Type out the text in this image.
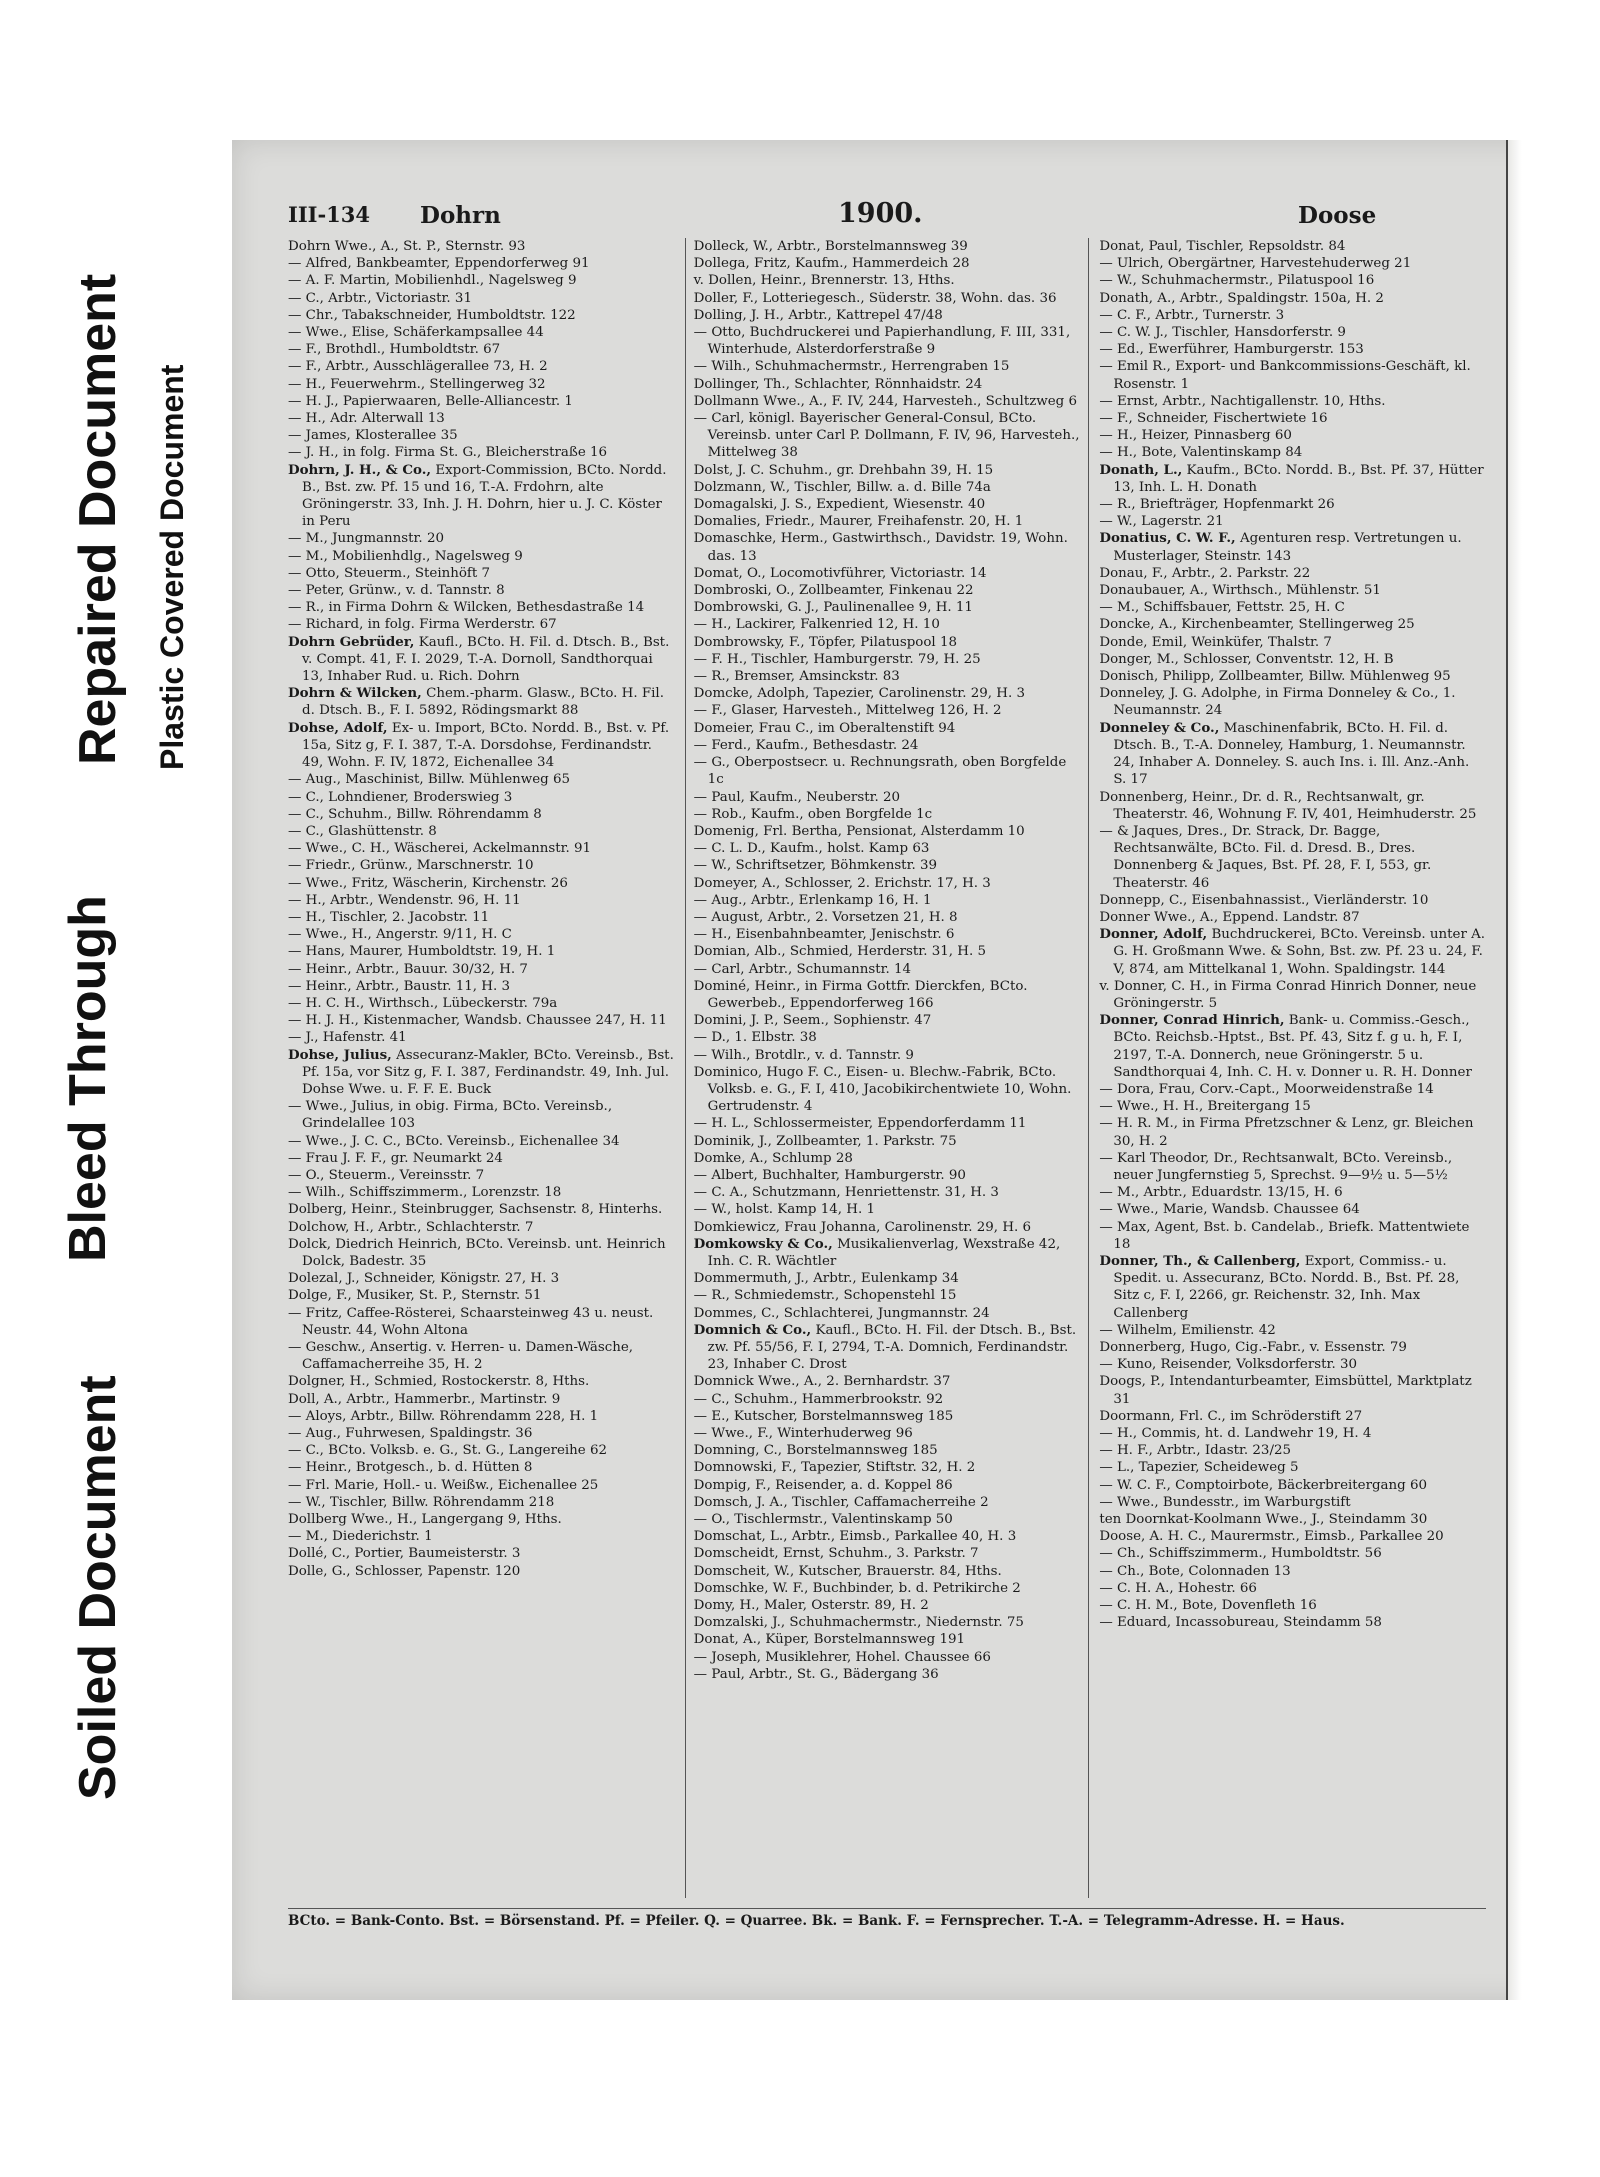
Soiled Document
Bleed Through
Repaired Document Plastic Covered Document
III-134 Dohrn	1900.	Doose

Dohrn Wwe., A., St. P., Sternstr. 93

— Alfred, Bankbeamter, Eppendorferweg 91

— A. F. Martin, Mobilienhdl., Nagelsweg 9

— C., Arbtr., Victoriastr. 31

— Chr., Tabakschneider, Humboldtstr. 122

— Wwe., Elise, Schäferkampsallee 44

— F., Brothdl., Humboldtstr. 67

— F., Arbtr., Ausschlägerallee 73, H. 2

— H., Feuerwehrm., Stellingerweg 32

— H. J., Papierwaaren, Belle-Alliancestr. 1

— H., Adr. Alterwall 13

— James, Klosterallee 35

— J. H., in folg. Firma St. G., Bleicherstraße 16

Dohrn, J. H., & Co., Export-Commission, BCto. Nordd. B., Bst. zw. Pf. 15 und 16, T.-A. Frdohrn, alte Gröningerstr. 33, Inh. J. H. Dohrn, hier u. J. C. Köster in Peru

— M., Jungmannstr. 20

— M., Mobilienhdlg., Nagelsweg 9

— Otto, Steuerm., Steinhöft 7

— Peter, Grünw., v. d. Tannstr. 8

— R., in Firma Dohrn & Wilcken, Bethesdastraße 14

— Richard, in folg. Firma Werderstr. 67

Dohrn Gebrüder, Kaufl., BCto. H. Fil. d. Dtsch. B., Bst. v. Compt. 41, F. I. 2029, T.-A. Dornoll, Sandthorquai 13, Inhaber Rud. u. Rich. Dohrn

Dohrn & Wilcken, Chem.-pharm. Glasw., BCto. H. Fil. d. Dtsch. B., F. I. 5892, Rödingsmarkt 88

Dohse, Adolf, Ex- u. Import, BCto. Nordd. B., Bst. v. Pf. 15a, Sitz g, F. I. 387, T.-A. Dorsdohse, Ferdinandstr. 49, Wohn. F. IV, 1872, Eichenallee 34

— Aug., Maschinist, Billw. Mühlenweg 65

— C., Lohndiener, Broderswieg 3

— C., Schuhm., Billw. Röhrendamm 8

— C., Glashüttenstr. 8

— Wwe., C. H., Wäscherei, Ackelmannstr. 91

— Friedr., Grünw., Marschnerstr. 10

— Wwe., Fritz, Wäscherin, Kirchenstr. 26

— H., Arbtr., Wendenstr. 96, H. 11

— H., Tischler, 2. Jacobstr. 11

— Wwe., H., Angerstr. 9/11, H. C

— Hans, Maurer, Humboldtstr. 19, H. 1

— Heinr., Arbtr., Bauur. 30/32, H. 7

— Heinr., Arbtr., Baustr. 11, H. 3

— H. C. H., Wirthsch., Lübeckerstr. 79a

— H. J. H., Kistenmacher, Wandsb. Chaussee 247, H. 11

— J., Hafenstr. 41

Dohse, Julius, Assecuranz-Makler, BCto. Vereinsb., Bst. Pf. 15a, vor Sitz g, F. I. 387, Ferdinandstr. 49, Inh. Jul. Dohse Wwe. u. F. F. E. Buck

— Wwe., Julius, in obig. Firma, BCto. Vereinsb., Grindelallee 103

— Wwe., J. C. C., BCto. Vereinsb., Eichenallee 34

— Frau J. F. F., gr. Neumarkt 24

— O., Steuerm., Vereinsstr. 7

— Wilh., Schiffszimmerm., Lorenzstr. 18

Dolberg, Heinr., Steinbrugger, Sachsenstr. 8, Hinterhs.

Dolchow, H., Arbtr., Schlachterstr. 7

Dolck, Diedrich Heinrich, BCto. Vereinsb. unt. Heinrich Dolck, Badestr. 35

Dolezal, J., Schneider, Königstr. 27, H. 3

Dolge, F., Musiker, St. P., Sternstr. 51

— Fritz, Caffee-Rösterei, Schaarsteinweg 43 u. neust. Neustr. 44, Wohn Altona

— Geschw., Ansertig. v. Herren- u. Damen-Wäsche, Caffamacherreihe 35, H. 2

Dolgner, H., Schmied, Rostockerstr. 8, Hths.

Doll, A., Arbtr., Hammerbr., Martinstr. 9

— Aloys, Arbtr., Billw. Röhrendamm 228, H. 1

— Aug., Fuhrwesen, Spaldingstr. 36

— C., BCto. Volksb. e. G., St. G., Langereihe 62

— Heinr., Brotgesch., b. d. Hütten 8

— Frl. Marie, Holl.- u. Weißw., Eichenallee 25

— W., Tischler, Billw. Röhrendamm 218

Dollberg Wwe., H., Langergang 9, Hths.

— M., Diederichstr. 1

Dollé, C., Portier, Baumeisterstr. 3

Dolle, G., Schlosser, Papenstr. 120

Dolleck, W., Arbtr., Borstelmannsweg 39

Dollega, Fritz, Kaufm., Hammerdeich 28

v. Dollen, Heinr., Brennerstr. 13, Hths.

Doller, F., Lotteriegesch., Süderstr. 38, Wohn. das. 36

Dolling, J. H., Arbtr., Kattrepel 47/48

— Otto, Buchdruckerei und Papierhandlung, F. III, 331, Winterhude, Alsterdorferstraße 9

— Wilh., Schuhmachermstr., Herrengraben 15

Dollinger, Th., Schlachter, Rönnhaidstr. 24

Dollmann Wwe., A., F. IV, 244, Harvesteh., Schultzweg 6

— Carl, königl. Bayerischer General-Consul, BCto. Vereinsb. unter Carl P. Dollmann, F. IV, 96, Harvesteh., Mittelweg 38

Dolst, J. C. Schuhm., gr. Drehbahn 39, H. 15

Dolzmann, W., Tischler, Billw. a. d. Bille 74a

Domagalski, J. S., Expedient, Wiesenstr. 40

Domalies, Friedr., Maurer, Freihafenstr. 20, H. 1

Domaschke, Herm., Gastwirthsch., Davidstr. 19, Wohn. das. 13

Domat, O., Locomotivführer, Victoriastr. 14

Dombroski, O., Zollbeamter, Finkenau 22

Dombrowski, G. J., Paulinenallee 9, H. 11

— H., Lackirer, Falkenried 12, H. 10

Dombrowsky, F., Töpfer, Pilatuspool 18

— F. H., Tischler, Hamburgerstr. 79, H. 25

— R., Bremser, Amsinckstr. 83

Domcke, Adolph, Tapezier, Carolinenstr. 29, H. 3

— F., Glaser, Harvesteh., Mittelweg 126, H. 2

Domeier, Frau C., im Oberaltenstift 94

— Ferd., Kaufm., Bethesdastr. 24

— G., Oberpostsecr. u. Rechnungsrath, oben Borgfelde 1c

— Paul, Kaufm., Neuberstr. 20

— Rob., Kaufm., oben Borgfelde 1c

Domenig, Frl. Bertha, Pensionat, Alsterdamm 10

— C. L. D., Kaufm., holst. Kamp 63

— W., Schriftsetzer, Böhmkenstr. 39

Domeyer, A., Schlosser, 2. Erichstr. 17, H. 3

— Aug., Arbtr., Erlenkamp 16, H. 1

— August, Arbtr., 2. Vorsetzen 21, H. 8

— H., Eisenbahnbeamter, Jenischstr. 6

Domian, Alb., Schmied, Herderstr. 31, H. 5

— Carl, Arbtr., Schumannstr. 14

Dominé, Heinr., in Firma Gottfr. Dierckfen, BCto. Gewerbeb., Eppendorferweg 166

Domini, J. P., Seem., Sophienstr. 47

— D., 1. Elbstr. 38

— Wilh., Brotdlr., v. d. Tannstr. 9

Dominico, Hugo F. C., Eisen- u. Blechw.-Fabrik, BCto. Volksb. e. G., F. I, 410, Jacobikirchentwiete 10, Wohn. Gertrudenstr. 4

— H. L., Schlossermeister, Eppendorferdamm 11

Dominik, J., Zollbeamter, 1. Parkstr. 75

Domke, A., Schlump 28

— Albert, Buchhalter, Hamburgerstr. 90

— C. A., Schutzmann, Henriettenstr. 31, H. 3

— W., holst. Kamp 14, H. 1

Domkiewicz, Frau Johanna, Carolinenstr. 29, H. 6

Domkowsky & Co., Musikalienverlag, Wexstraße 42, Inh. C. R. Wächtler

Dommermuth, J., Arbtr., Eulenkamp 34

— R., Schmiedemstr., Schopenstehl 15

Dommes, C., Schlachterei, Jungmannstr. 24

Domnich & Co., Kaufl., BCto. H. Fil. der Dtsch. B., Bst. zw. Pf. 55/56, F. I, 2794, T.-A. Domnich, Ferdinandstr. 23, Inhaber C. Drost

Domnick Wwe., A., 2. Bernhardstr. 37

— C., Schuhm., Hammerbrookstr. 92

— E., Kutscher, Borstelmannsweg 185

— Wwe., F., Winterhuderweg 96

Domning, C., Borstelmannsweg 185

Domnowski, F., Tapezier, Stiftstr. 32, H. 2

Dompig, F., Reisender, a. d. Koppel 86

Domsch, J. A., Tischler, Caffamacherreihe 2

— O., Tischlermstr., Valentinskamp 50

Domschat, L., Arbtr., Eimsb., Parkallee 40, H. 3

Domscheidt, Ernst, Schuhm., 3. Parkstr. 7

Domscheit, W., Kutscher, Brauerstr. 84, Hths.

Domschke, W. F., Buchbinder, b. d. Petrikirche 2

Domy, H., Maler, Osterstr. 89, H. 2

Domzalski, J., Schuhmachermstr., Niedernstr. 75

Donat, A., Küper, Borstelmannsweg 191

— Joseph, Musiklehrer, Hohel. Chaussee 66

— Paul, Arbtr., St. G., Bädergang 36

Donat, Paul, Tischler, Repsoldstr. 84

— Ulrich, Obergärtner, Harvestehuderweg 21

— W., Schuhmachermstr., Pilatuspool 16

Donath, A., Arbtr., Spaldingstr. 150a, H. 2

— C. F., Arbtr., Turnerstr. 3

— C. W. J., Tischler, Hansdorferstr. 9

— Ed., Ewerführer, Hamburgerstr. 153

— Emil R., Export- und Bankcommissions-Geschäft, kl. Rosenstr. 1

— Ernst, Arbtr., Nachtigallenstr. 10, Hths.

— F., Schneider, Fischertwiete 16

— H., Heizer, Pinnasberg 60

— H., Bote, Valentinskamp 84

Donath, L., Kaufm., BCto. Nordd. B., Bst. Pf. 37, Hütter 13, Inh. L. H. Donath

— R., Briefträger, Hopfenmarkt 26

— W., Lagerstr. 21

Donatius, C. W. F., Agenturen resp. Vertretungen u. Musterlager, Steinstr. 143

Donau, F., Arbtr., 2. Parkstr. 22

Donaubauer, A., Wirthsch., Mühlenstr. 51

— M., Schiffsbauer, Fettstr. 25, H. C

Doncke, A., Kirchenbeamter, Stellingerweg 25

Donde, Emil, Weinküfer, Thalstr. 7

Donger, M., Schlosser, Conventstr. 12, H. B

Donisch, Philipp, Zollbeamter, Billw. Mühlenweg 95

Donneley, J. G. Adolphe, in Firma Donneley & Co., 1. Neumannstr. 24

Donneley & Co., Maschinenfabrik, BCto. H. Fil. d. Dtsch. B., T.-A. Donneley, Hamburg, 1. Neumannstr. 24, Inhaber A. Donneley. S. auch Ins. i. Ill. Anz.-Anh. S. 17

Donnenberg, Heinr., Dr. d. R., Rechtsanwalt, gr. Theaterstr. 46, Wohnung F. IV, 401, Heimhuderstr. 25

— & Jaques, Dres., Dr. Strack, Dr. Bagge, Rechtsanwälte, BCto. Fil. d. Dresd. B., Dres. Donnenberg & Jaques, Bst. Pf. 28, F. I, 553, gr. Theaterstr. 46

Donnepp, C., Eisenbahnassist., Vierländerstr. 10

Donner Wwe., A., Eppend. Landstr. 87

Donner, Adolf, Buchdruckerei, BCto. Vereinsb. unter A. G. H. Großmann Wwe. & Sohn, Bst. zw. Pf. 23 u. 24, F. V, 874, am Mittelkanal 1, Wohn. Spaldingstr. 144

v. Donner, C. H., in Firma Conrad Hinrich Donner, neue Gröningerstr. 5

Donner, Conrad Hinrich, Bank- u. Commiss.-Gesch., BCto. Reichsb.-Hptst., Bst. Pf. 43, Sitz f. g u. h, F. I, 2197, T.-A. Donnerch, neue Gröningerstr. 5 u. Sandthorquai 4, Inh. C. H. v. Donner u. R. H. Donner

— Dora, Frau, Corv.-Capt., Moorweidenstraße 14

— Wwe., H. H., Breitergang 15

— H. R. M., in Firma Pfretzschner & Lenz, gr. Bleichen 30, H. 2

— Karl Theodor, Dr., Rechtsanwalt, BCto. Vereinsb., neuer Jungfernstieg 5, Sprechst. 9—9½ u. 5—5½

— M., Arbtr., Eduardstr. 13/15, H. 6

— Wwe., Marie, Wandsb. Chaussee 64

— Max, Agent, Bst. b. Candelab., Briefk. Mattentwiete 18

Donner, Th., & Callenberg, Export, Commiss.- u. Spedit. u. Assecuranz, BCto. Nordd. B., Bst. Pf. 28, Sitz c, F. I, 2266, gr. Reichenstr. 32, Inh. Max Callenberg

— Wilhelm, Emilienstr. 42

Donnerberg, Hugo, Cig.-Fabr., v. Essenstr. 79

— Kuno, Reisender, Volksdorferstr. 30

Doogs, P., Intendanturbeamter, Eimsbüttel, Marktplatz 31

Doormann, Frl. C., im Schröderstift 27

— H., Commis, ht. d. Landwehr 19, H. 4

— H. F., Arbtr., Idastr. 23/25

— L., Tapezier, Scheideweg 5

— W. C. F., Comptoirbote, Bäckerbreitergang 60

— Wwe., Bundesstr., im Warburgstift

ten Doornkat-Koolmann Wwe., J., Steindamm 30

Doose, A. H. C., Maurermstr., Eimsb., Parkallee 20

— Ch., Schiffszimmerm., Humboldtstr. 56

— Ch., Bote, Colonnaden 13

— C. H. A., Hohestr. 66

— C. H. M., Bote, Dovenfleth 16

— Eduard, Incassobureau, Steindamm 58

BCto. = Bank-Conto. Bst. = Börsenstand. Pf. = Pfeiler. Q. = Quarree. Bk. = Bank. F. = Fernsprecher. T.-A. = Telegramm-Adresse. H. = Haus.
